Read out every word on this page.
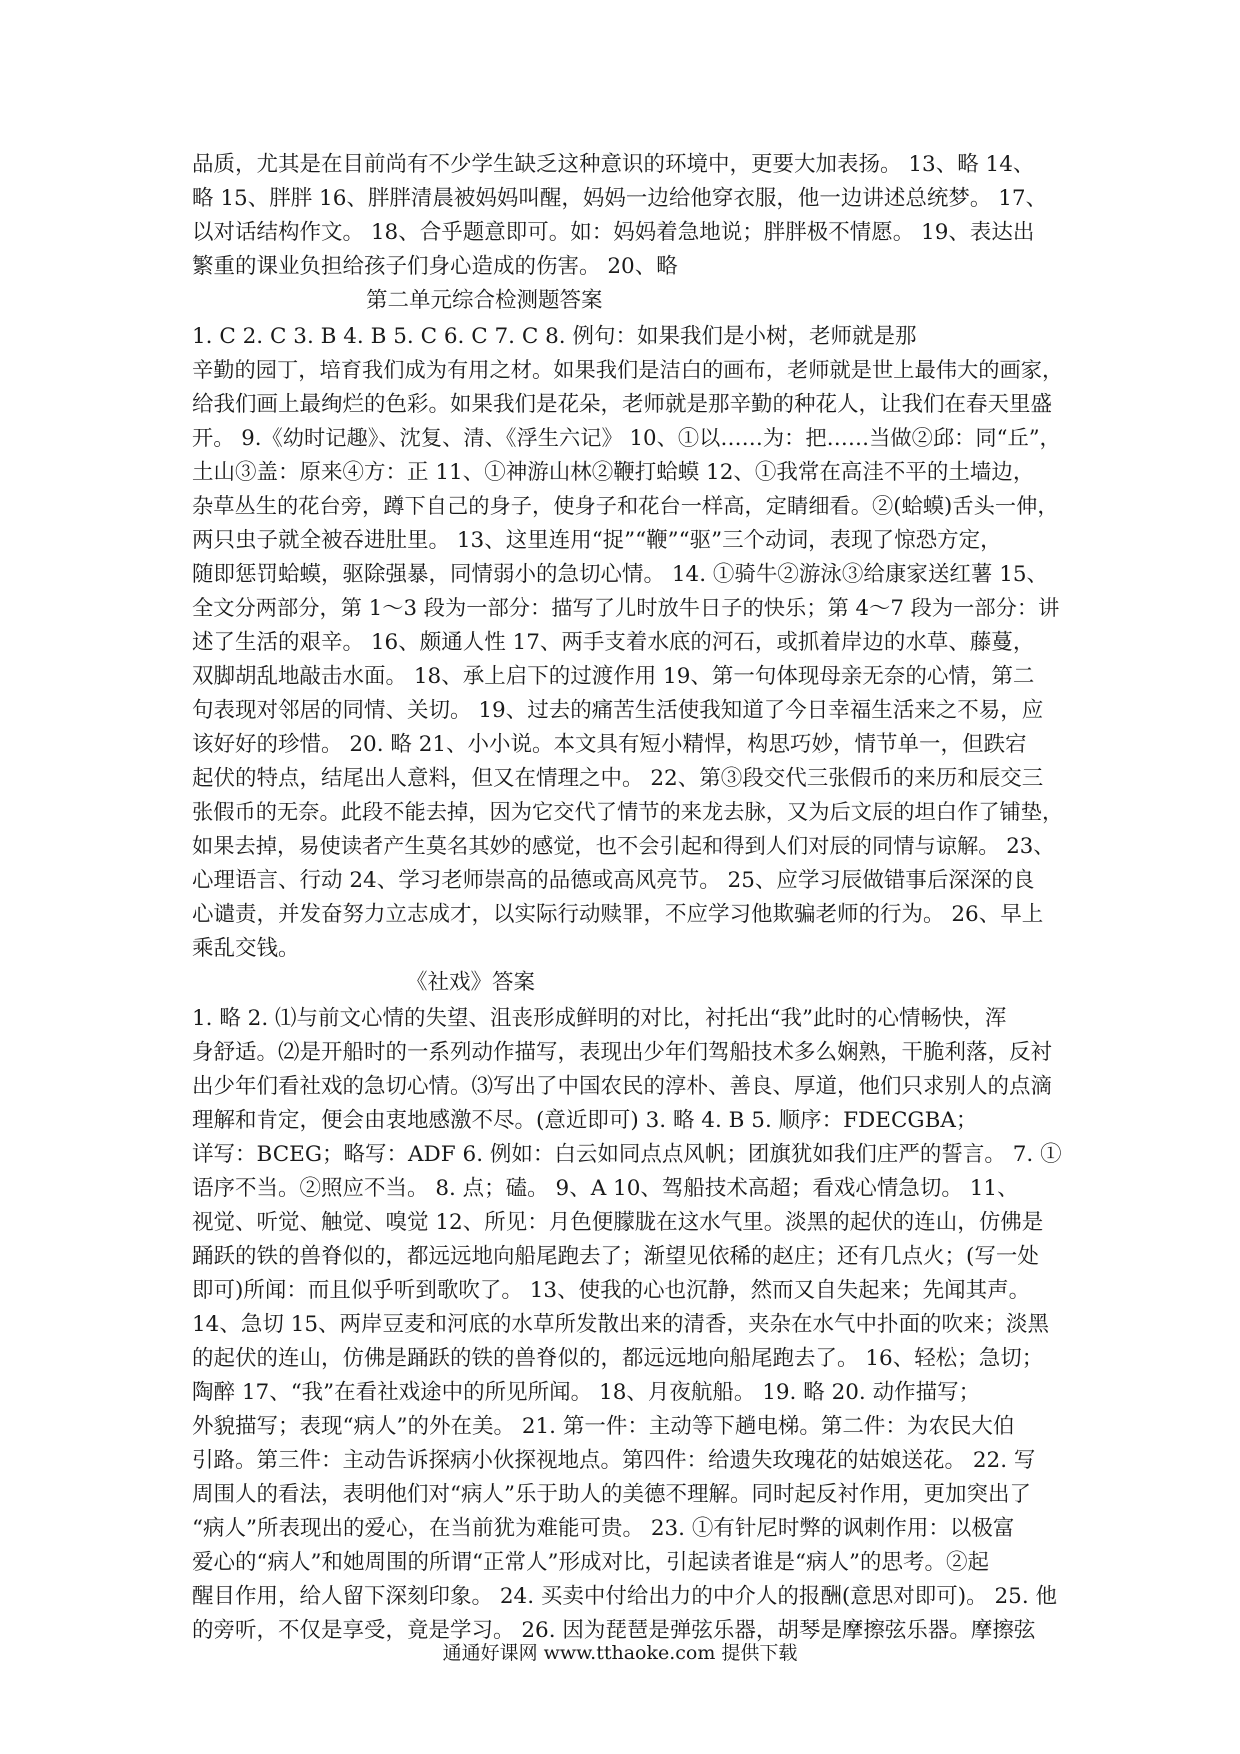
品质，尤其是在目前尚有不少学生缺乏这种意识的环境中，更要大加表扬。 13、略 14、
略 15、胖胖 16、胖胖清晨被妈妈叫醒，妈妈一边给他穿衣服，他一边讲述总统梦。 17、
以对话结构作文。 18、合乎题意即可。如：妈妈着急地说；胖胖极不情愿。 19、表达出
繁重的课业负担给孩子们身心造成的伤害。 20、略
第二单元综合检测题答案
1. C 2. C 3. B 4. B 5. C 6. C 7. C 8. 例句：如果我们是小树，老师就是那
辛勤的园丁，培育我们成为有用之材。如果我们是洁白的画布，老师就是世上最伟大的画家，
给我们画上最绚烂的色彩。如果我们是花朵，老师就是那辛勤的种花人，让我们在春天里盛
开。 9.《幼时记趣》、沈复、清、《浮生六记》 10、①以……为：把……当做②邱：同“丘”，
土山③盖：原来④方：正 11、①神游山林②鞭打蛤蟆 12、①我常在高洼不平的土墙边，
杂草丛生的花台旁，蹲下自己的身子，使身子和花台一样高，定睛细看。②(蛤蟆)舌头一伸，
两只虫子就全被吞进肚里。 13、这里连用“捉”“鞭”“驱”三个动词，表现了惊恐方定，
随即惩罚蛤蟆，驱除强暴，同情弱小的急切心情。 14. ①骑牛②游泳③给康家送红薯 15、
全文分两部分，第 1～3 段为一部分：描写了儿时放牛日子的快乐；第 4～7 段为一部分：讲
述了生活的艰辛。 16、颇通人性 17、两手支着水底的河石，或抓着岸边的水草、藤蔓，
双脚胡乱地敲击水面。 18、承上启下的过渡作用 19、第一句体现母亲无奈的心情，第二
句表现对邻居的同情、关切。 19、过去的痛苦生活使我知道了今日幸福生活来之不易，应
该好好的珍惜。 20. 略 21、小小说。本文具有短小精悍，构思巧妙，情节单一，但跌宕
起伏的特点，结尾出人意料，但又在情理之中。 22、第③段交代三张假币的来历和辰交三
张假币的无奈。此段不能去掉，因为它交代了情节的来龙去脉，又为后文辰的坦白作了铺垫，
如果去掉，易使读者产生莫名其妙的感觉，也不会引起和得到人们对辰的同情与谅解。 23、
心理语言、行动 24、学习老师崇高的品德或高风亮节。 25、应学习辰做错事后深深的良
心谴责，并发奋努力立志成才，以实际行动赎罪，不应学习他欺骗老师的行为。 26、早上
乘乱交钱。
《社戏》答案
1. 略 2. ⑴与前文心情的失望、沮丧形成鲜明的对比，衬托出“我”此时的心情畅快，浑
身舒适。⑵是开船时的一系列动作描写，表现出少年们驾船技术多么娴熟，干脆利落，反衬
出少年们看社戏的急切心情。⑶写出了中国农民的淳朴、善良、厚道，他们只求别人的点滴
理解和肯定，便会由衷地感激不尽。(意近即可) 3. 略 4. B 5. 顺序：FDECGBA；
详写：BCEG；略写：ADF 6. 例如：白云如同点点风帆；团旗犹如我们庄严的誓言。 7. ①
语序不当。②照应不当。 8. 点；磕。 9、A 10、驾船技术高超；看戏心情急切。 11、
视觉、听觉、触觉、嗅觉 12、所见：月色便朦胧在这水气里。淡黑的起伏的连山，仿佛是
踊跃的铁的兽脊似的，都远远地向船尾跑去了；渐望见依稀的赵庄；还有几点火；(写一处
即可)所闻：而且似乎听到歌吹了。 13、使我的心也沉静，然而又自失起来；先闻其声。
14、急切 15、两岸豆麦和河底的水草所发散出来的清香，夹杂在水气中扑面的吹来；淡黑
的起伏的连山，仿佛是踊跃的铁的兽脊似的，都远远地向船尾跑去了。 16、轻松；急切；
陶醉 17、“我”在看社戏途中的所见所闻。 18、月夜航船。 19. 略 20. 动作描写；
外貌描写；表现“病人”的外在美。 21. 第一件：主动等下趟电梯。第二件：为农民大伯
引路。第三件：主动告诉探病小伙探视地点。第四件：给遗失玫瑰花的姑娘送花。 22. 写
周围人的看法，表明他们对“病人”乐于助人的美德不理解。同时起反衬作用，更加突出了
“病人”所表现出的爱心，在当前犹为难能可贵。 23. ①有针尼时弊的讽刺作用：以极富
爱心的“病人”和她周围的所谓“正常人”形成对比，引起读者谁是“病人”的思考。②起
醒目作用，给人留下深刻印象。 24. 买卖中付给出力的中介人的报酬(意思对即可)。 25. 他
的旁听，不仅是享受，竟是学习。 26. 因为琵琶是弹弦乐器，胡琴是摩擦弦乐器。摩擦弦
通通好课网 www.tthaoke.com 提供下载
